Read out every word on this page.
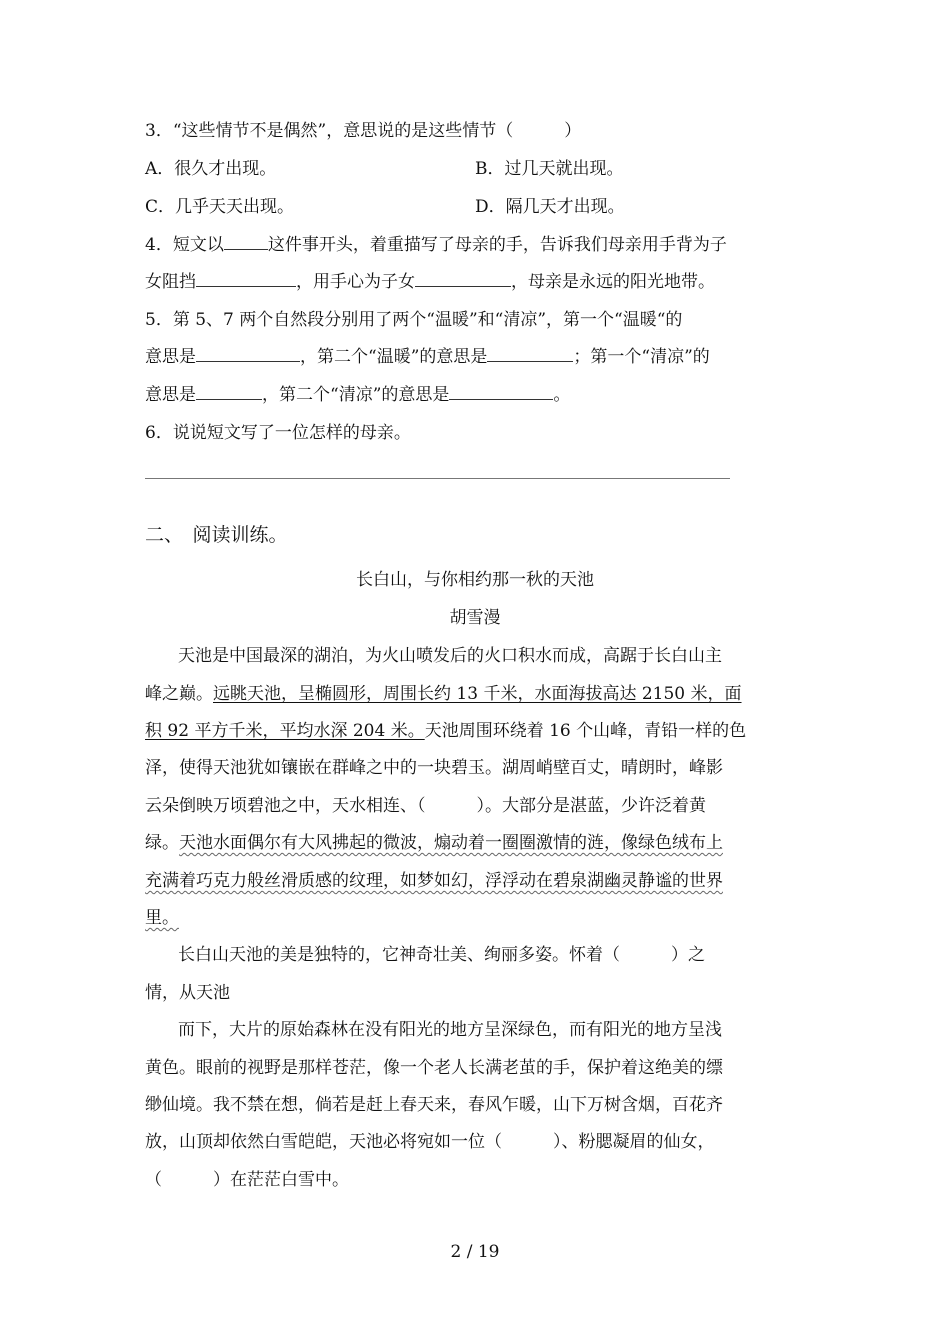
3．“这些情节不是偶然”，意思说的是这些情节（　　　）
A．很久才出现。	B．过几天就出现。
C．几乎天天出现。	D．隔几天才出现。
4．短文以	这件事开头，着重描写了母亲的手，告诉我们母亲用手背为子
女阻挡	，用手心为子女	，母亲是永远的阳光地带。
5．第 5、7 两个自然段分别用了两个“温暖”和“清凉”，第一个“温暖“的
意思是	，第二个“温暖”的意思是	；第一个“清凉”的
意思是	，第二个“清凉”的意思是	。
6．说说短文写了一位怎样的母亲。
二、　阅读训练。
长白山，与你相约那一秋的天池
胡雪漫
天池是中国最深的湖泊，为火山喷发后的火口积水而成，高踞于长白山主
峰之巅。远眺天池，呈椭圆形，周围长约 13 千米，水面海拔高达 2150 米，面
积 92 平方千米，平均水深 204 米。天池周围环绕着 16 个山峰，青铅一样的色
泽，使得天池犹如镶嵌在群峰之中的一块碧玉。湖周峭壁百丈，晴朗时，峰影
云朵倒映万顷碧池之中，天水相连、（　　　）。大部分是湛蓝，少许泛着黄
绿。天池水面偶尔有大风拂起的微波，煽动着一圈圈激情的涟，像绿色绒布上
充满着巧克力般丝滑质感的纹理，如梦如幻，浮浮动在碧泉湖幽灵静谧的世界
里。
长白山天池的美是独特的，它神奇壮美、绚丽多姿。怀着（　　　）之
情，从天池
而下，大片的原始森林在没有阳光的地方呈深绿色，而有阳光的地方呈浅
黄色。眼前的视野是那样苍茫，像一个老人长满老茧的手，保护着这绝美的缥
缈仙境。我不禁在想，倘若是赶上春天来，春风乍暖，山下万树含烟，百花齐
放，山顶却依然白雪皑皑，天池必将宛如一位（　　　）、粉腮凝眉的仙女，
（　　　）在茫茫白雪中。
2 / 19
